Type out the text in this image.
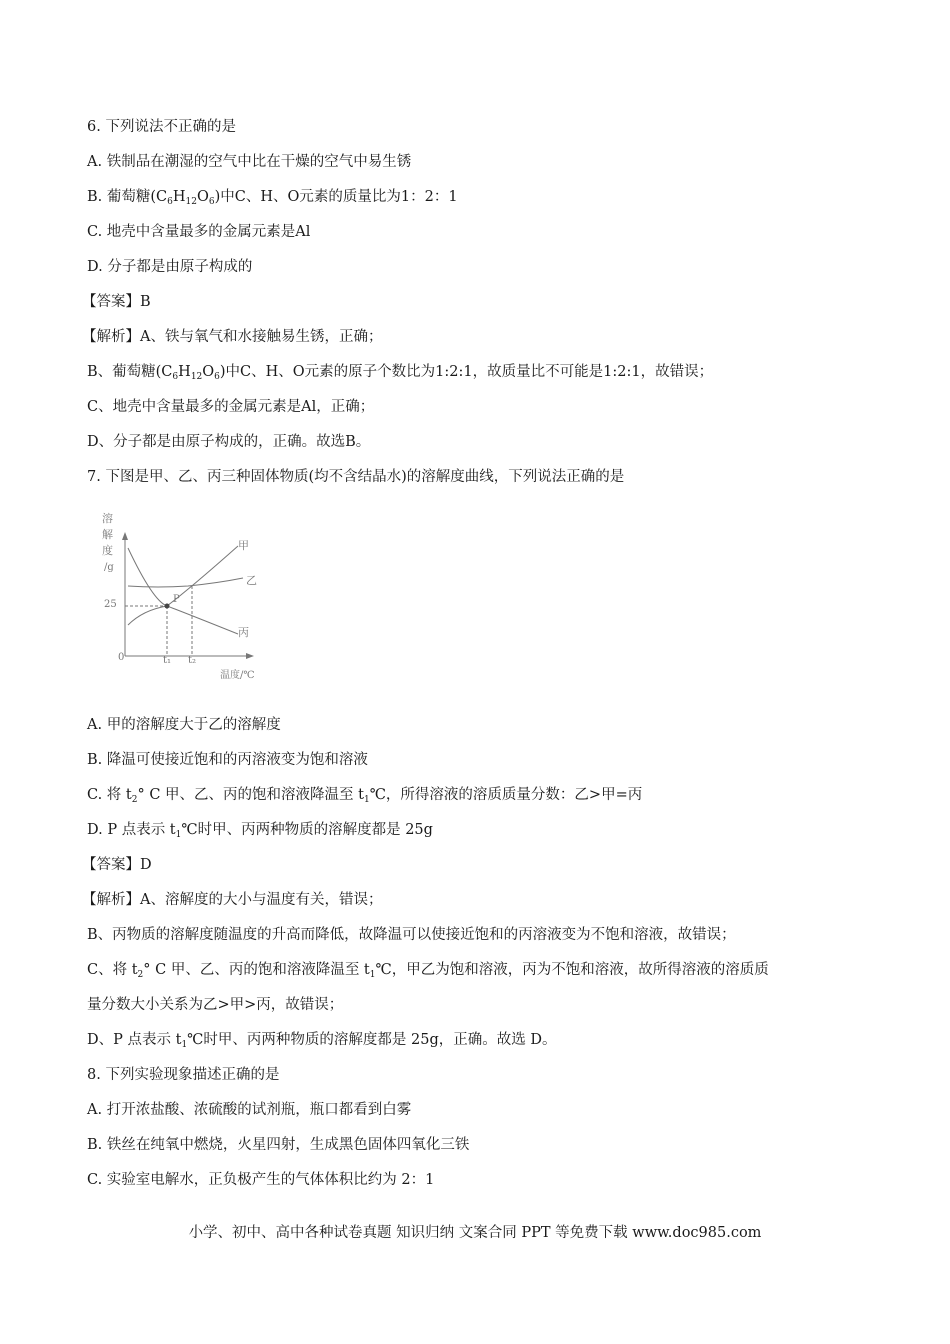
6. 下列说法不正确的是
A. 铁制品在潮湿的空气中比在干燥的空气中易生锈
B. 葡萄糖$(C_6H_{12}O_6)$中C、H、O元素的质量比为1：2：1
C. 地壳中含量最多的金属元素是Al
D. 分子都是由原子构成的
【答案】B
【解析】A、铁与氧气和水接触易生锈，正确；
B、葡萄糖$(C_6H_{12}O_6)$中C、H、O元素的原子个数比为1:2:1，故质量比不可能是1:2:1，故错误；
C、地壳中含量最多的金属元素是Al，正确；
D、分子都是由原子构成的，正确。故选B。
7. 下图是甲、乙、丙三种固体物质(均不含结晶水)的溶解度曲线，下列说法正确的是
溶
解
度
/g
25
0	t₁ t₂
温度/℃
P
甲
乙
丙
A. 甲的溶解度大于乙的溶解度
B. 降温可使接近饱和的丙溶液变为饱和溶液
C. 将 $t_2^\circ$ C 甲、乙、丙的饱和溶液降温至 $t_1℃$，所得溶液的溶质质量分数：乙>甲=丙
D. P 点表示 $t_1℃$时甲、丙两种物质的溶解度都是 25g
【答案】D
【解析】A、溶解度的大小与温度有关，错误；
B、丙物质的溶解度随温度的升高而降低，故降温可以使接近饱和的丙溶液变为不饱和溶液，故错误；
C、将 $t_2^\circ$ C 甲、乙、丙的饱和溶液降温至 $t_1℃$，甲乙为饱和溶液，丙为不饱和溶液，故所得溶液的溶质质
量分数大小关系为乙>甲>丙，故错误；
D、P 点表示 $t_1℃$时甲、丙两种物质的溶解度都是 25g，正确。故选 D。
8. 下列实验现象描述正确的是
A. 打开浓盐酸、浓硫酸的试剂瓶，瓶口都看到白雾
B. 铁丝在纯氧中燃烧，火星四射，生成黑色固体四氧化三铁
C. 实验室电解水，正负极产生的气体体积比约为 2：1
小学、初中、高中各种试卷真题 知识归纳 文案合同 PPT 等免费下载 www.doc985.com
